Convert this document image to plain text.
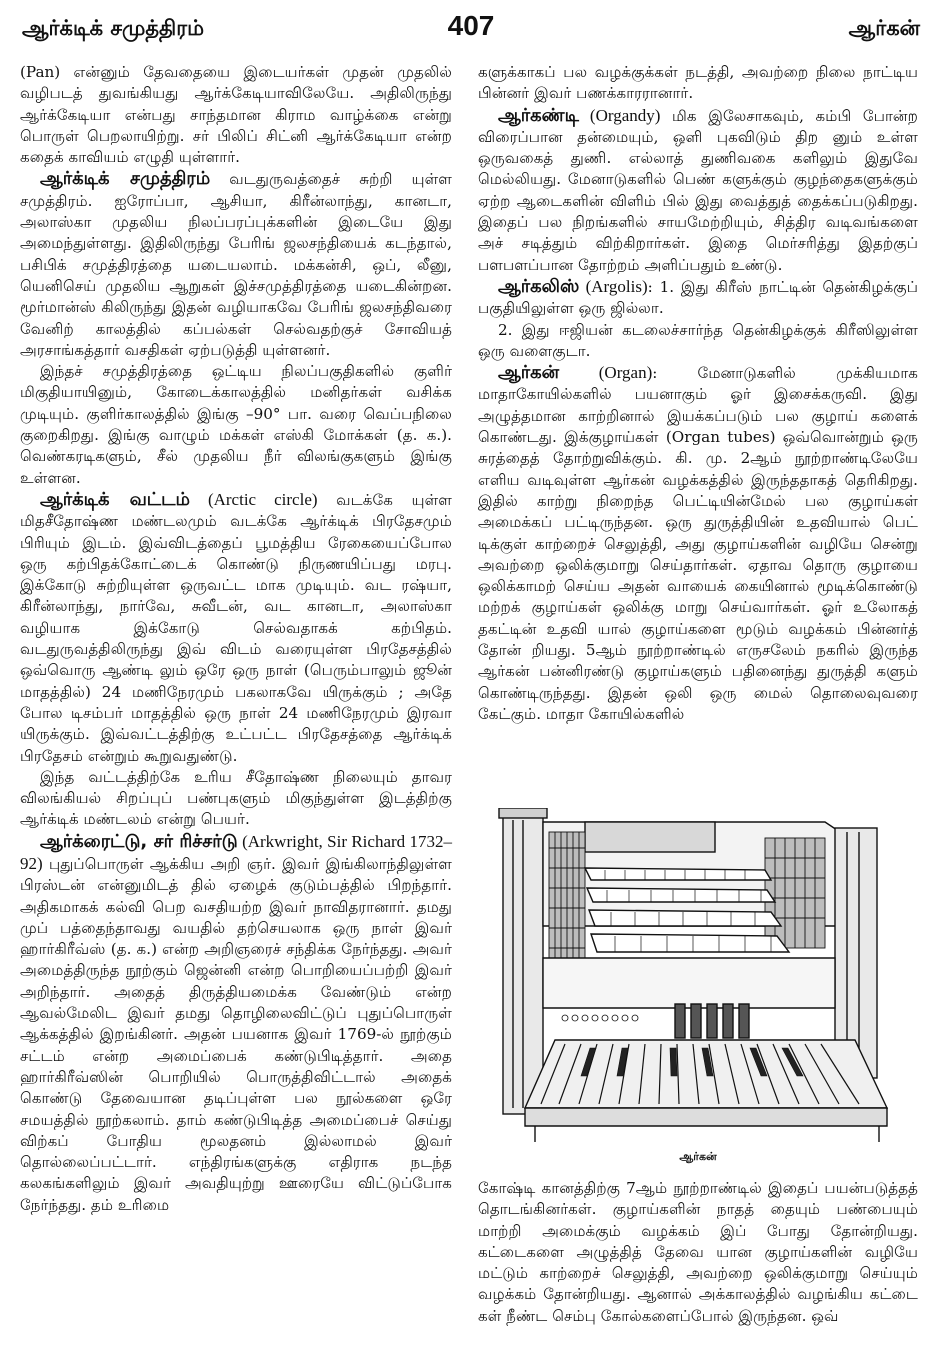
ஆர்க்டிக் சமுத்திரம்	407	ஆர்கன்

(Pan) என்னும் தேவதையை இடையர்கள் முதன் முதலில் வழிபடத் துவங்கியது ஆர்க்கேடியாவிலேயே. அதிலிருந்து ஆர்க்கேடியா என்பது சாந்தமான கிராம வாழ்க்கை என்று பொருள் பெறலாயிற்று. சர் பிலிப் சிட்னி ஆர்க்கேடியா என்ற கதைக் காவியம் எழுதி யுள்ளார்.

ஆர்க்டிக் சமுத்திரம் வடதுருவத்தைச் சுற்றி யுள்ள சமுத்திரம். ஐரோப்பா, ஆசியா, கிரீன்லாந்து, கானடா, அலாஸ்கா முதலிய நிலப்பரப்புக்களின் இடையே இது அமைந்துள்ளது. இதிலிருந்து பேரிங் ஜலசந்தியைக் கடந்தால், பசிபிக் சமுத்திரத்தை யடையலாம். மக்கன்சி, ஒப், லீனு, யெனிசெய் முதலிய ஆறுகள் இச்சமுத்திரத்தை யடைகின்றன. மூர்மான்ஸ் கிலிருந்து இதன் வழியாகவே பேரிங் ஜலசந்திவரை வேனிற் காலத்தில் கப்பல்கள் செல்வதற்குச் சோவியத் அரசாங்கத்தார் வசதிகள் ஏற்படுத்தி யுள்ளனர்.

இந்தச் சமுத்திரத்தை ஒட்டிய நிலப்பகுதிகளில் குளிர் மிகுதியாயினும், கோடைக்காலத்தில் மனிதர்கள் வசிக்க முடியும். குளிர்காலத்தில் இங்கு –90° பா. வரை வெப்பநிலை குறைகிறது. இங்கு வாழும் மக்கள் எஸ்கி மோக்கள் (த. க.). வெண்கரடிகளும், சீல் முதலிய நீர் விலங்குகளும் இங்கு உள்ளன.

ஆர்க்டிக் வட்டம் (Arctic circle) வடக்கே யுள்ள மிதசீதோஷ்ண மண்டலமும் வடக்கே ஆர்க்டிக் பிரதேசமும் பிரியும் இடம். இவ்விடத்தைப் பூமத்திய ரேகையைப்போல ஒரு கற்பிதக்கோட்டைக் கொண்டு நிருணயிப்பது மரபு. இக்கோடு சுற்றியுள்ள ஒருவட்ட மாக முடியும். வட ரஷ்யா, கிரீன்லாந்து, நார்வே, சுவீடன், வட கானடா, அலாஸ்கா வழியாக இக்கோடு செல்வதாகக் கற்பிதம். வடதுருவத்திலிருந்து இவ் விடம் வரையுள்ள பிரதேசத்தில் ஒவ்வொரு ஆண்டி லும் ஒரே ஒரு நாள் (பெரும்பாலும் ஜூன் மாதத்தில்) 24 மணிநேரமும் பகலாகவே யிருக்கும் ; அதே போல டிசம்பர் மாதத்தில் ஒரு நாள் 24 மணிநேரமும் இரவா யிருக்கும். இவ்வட்டத்திற்கு உட்பட்ட பிரதேசத்தை ஆர்க்டிக் பிரதேசம் என்றும் கூறுவதுண்டு.

இந்த வட்டத்திற்கே உரிய சீதோஷ்ண நிலையும் தாவர விலங்கியல் சிறப்புப் பண்புகளும் மிகுந்துள்ள இடத்திற்கு ஆர்க்டிக் மண்டலம் என்று பெயர்.

ஆர்க்ரைட்டு, சர் ரிச்சர்டு (Arkwright, Sir Richard 1732–92) புதுப்பொருள் ஆக்கிய அறி ஞர். இவர் இங்கிலாந்திலுள்ள பிரஸ்டன் என்னுமிடத் தில் ஏழைக் குடும்பத்தில் பிறந்தார். அதிகமாகக் கல்வி பெற வசதியற்ற இவர் நாவிதரானார். தமது முப் பத்தைந்தாவது வயதில் தற்செயலாக ஒரு நாள் இவர் ஹார்கிரீவ்ஸ் (த. க.) என்ற அறிஞரைச் சந்திக்க நேர்ந்தது. அவர் அமைத்திருந்த நூற்கும் ஜென்னி என்ற பொறியைப்பற்றி இவர் அறிந்தார். அதைத் திருத்தியமைக்க வேண்டும் என்ற ஆவல்மேலிட இவர் தமது தொழிலைவிட்டுப் புதுப்பொருள் ஆக்கத்தில் இறங்கினர். அதன் பயனாக இவர் 1769-ல் நூற்கும் சட்டம் என்ற அமைப்பைக் கண்டுபிடித்தார். அதை ஹார்கிரீவ்ஸின் பொறியில் பொருத்திவிட்டால் அதைக் கொண்டு தேவையான தடிப்புள்ள பல நூல்களை ஒரே சமயத்தில் நூற்கலாம். தாம் கண்டுபிடித்த அமைப்பைச் செய்து விற்கப் போதிய மூலதனம் இல்லாமல் இவர் தொல்லைப்பட்டார். எந்திரங்களுக்கு எதிராக நடந்த கலகங்களிலும் இவர் அவதியுற்று ஊரையே விட்டுப்போக நேர்ந்தது. தம் உரிமை

களுக்காகப் பல வழக்குக்கள் நடத்தி, அவற்றை நிலை நாட்டிய பின்னர் இவர் பணக்காரரானார்.

ஆர்கண்டி (Organdy) மிக இலேசாகவும், கம்பி போன்ற விரைப்பான தன்மையும், ஒளி புகவிடும் திற னும் உள்ள ஒருவகைத் துணி. எல்லாத் துணிவகை களிலும் இதுவே மெல்லியது. மேனாடுகளில் பெண் களுக்கும் குழந்தைகளுக்கும் ஏற்ற ஆடைகளின் விளிம் பில் இது வைத்துத் தைக்கப்படுகிறது. இதைப் பல நிறங்களில் சாயமேற்றியும், சித்திர வடிவங்களை அச் சடித்தும் விற்கிறார்கள். இதை மெர்சரித்து இதற்குப் பளபளப்பான தோற்றம் அளிப்பதும் உண்டு.

ஆர்கலிஸ் (Argolis): 1. இது கிரீஸ் நாட்டின் தென்கிழக்குப் பகுதியிலுள்ள ஒரு ஜில்லா.

2. இது ஈஜியன் கடலைச்சார்ந்த தென்கிழக்குக் கிரீஸிலுள்ள ஒரு வளைகுடா.

ஆர்கன் (Organ): மேனாடுகளில் முக்கியமாக மாதாகோயில்களில் பயனாகும் ஓர் இசைக்கருவி. இது அழுத்தமான காற்றினால் இயக்கப்படும் பல குழாய் களைக் கொண்டது. இக்குழாய்கள் (Organ tubes) ஒவ்வொன்றும் ஒரு சுரத்தைத் தோற்றுவிக்கும். கி. மு. 2ஆம் நூற்றாண்டிலேயே எளிய வடிவுள்ள ஆர்கன் வழக்கத்தில் இருந்ததாகத் தெரிகிறது. இதில் காற்று நிறைந்த பெட்டியின்மேல் பல குழாய்கள் அமைக்கப் பட்டிருந்தன. ஒரு துருத்தியின் உதவியால் பெட் டிக்குள் காற்றைச் செலுத்தி, அது குழாய்களின் வழியே சென்று அவற்றை ஒலிக்குமாறு செய்தார்கள். ஏதாவ தொரு குழாயை ஒலிக்காமற் செய்ய அதன் வாயைக் கையினால் மூடிக்கொண்டு மற்றக் குழாய்கள் ஒலிக்கு மாறு செய்வார்கள். ஓர் உலோகத் தகட்டின் உதவி யால் குழாய்களை மூடும் வழக்கம் பின்னர்த் தோன் றியது. 5ஆம் நூற்றாண்டில் எருசலேம் நகரில் இருந்த ஆர்கன் பன்னிரண்டு குழாய்களும் பதினைந்து துருத்தி களும் கொண்டிருந்தது. இதன் ஒலி ஒரு மைல் தொலைவுவரை கேட்கும். மாதா கோயில்களில்

ஆர்கன்

கோஷ்டி கானத்திற்கு 7ஆம் நூற்றாண்டில் இதைப் பயன்படுத்தத் தொடங்கினர்கள். குழாய்களின் நாதத் தையும் பண்பையும் மாற்றி அமைக்கும் வழக்கம் இப் போது தோன்றியது. கட்டைகளை அழுத்தித் தேவை யான குழாய்களின் வழியே மட்டும் காற்றைச் செலுத்தி, அவற்றை ஒலிக்குமாறு செய்யும் வழக்கம் தோன்றியது. ஆனால் அக்காலத்தில் வழங்கிய கட்டை கள் நீண்ட செம்பு கோல்களைப்போல் இருந்தன. ஒவ்
